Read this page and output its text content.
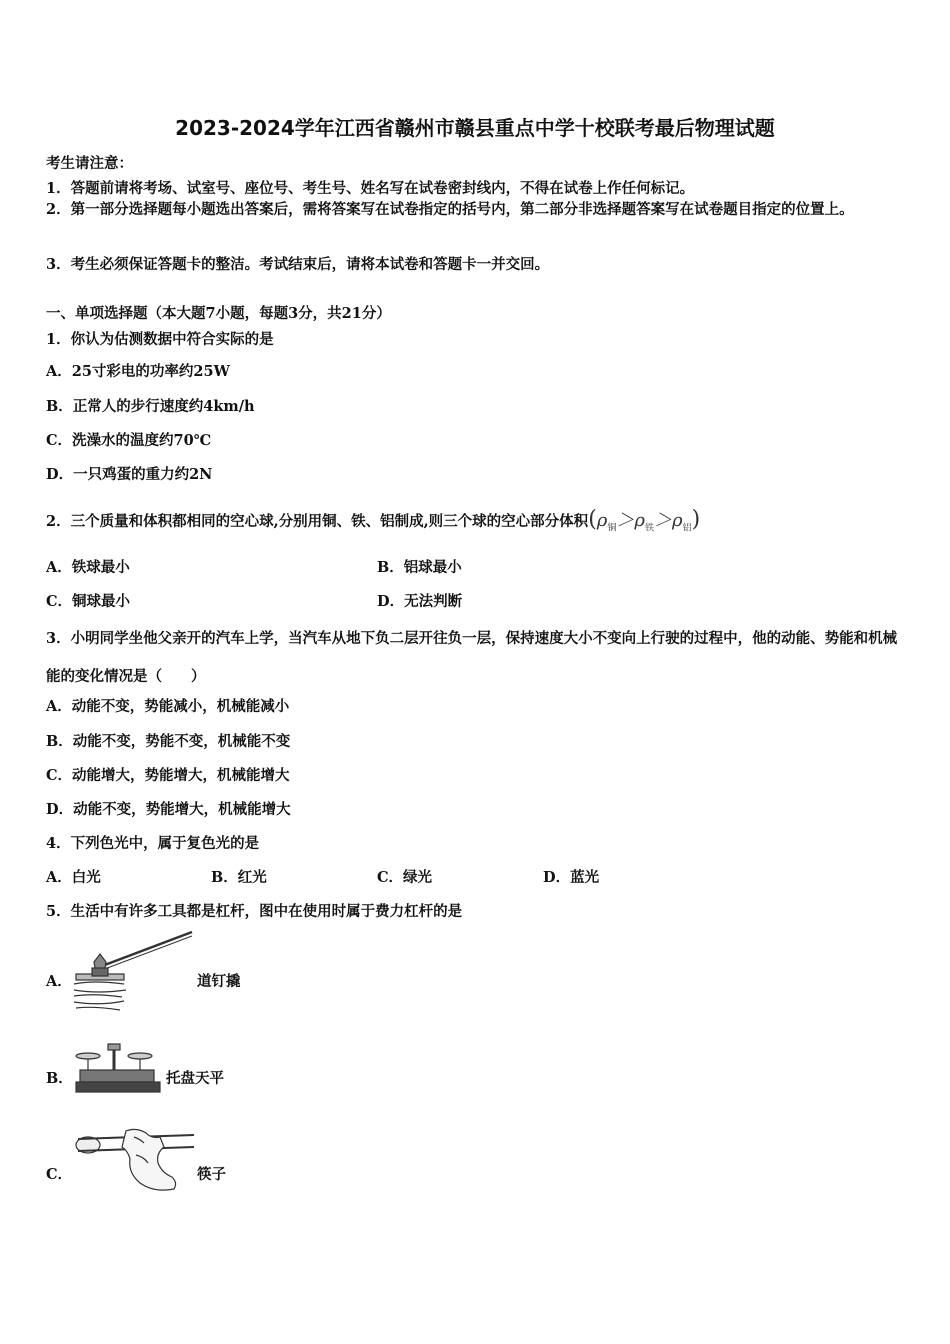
2023-2024学年江西省赣州市赣县重点中学十校联考最后物理试题
考生请注意：
1．答题前请将考场、试室号、座位号、考生号、姓名写在试卷密封线内，不得在试卷上作任何标记。
2．第一部分选择题每小题选出答案后，需将答案写在试卷指定的括号内，第二部分非选择题答案写在试卷题目指定的位置上。
3．考生必须保证答题卡的整洁。考试结束后，请将本试卷和答题卡一并交回。
一、单项选择题（本大题7小题，每题3分，共21分）
1．你认为估测数据中符合实际的是
A．25寸彩电的功率约25W
B．正常人的步行速度约4km/h
C．洗澡水的温度约70℃
D．一只鸡蛋的重力约2N
2．三个质量和体积都相同的空心球,分别用铜、铁、铝制成,则三个球的空心部分体积$(\rho_铜>\rho_铁>\rho_铝)$
A．铁球最小	B．铝球最小
C．铜球最小	D．无法判断
3．小明同学坐他父亲开的汽车上学，当汽车从地下负二层开往负一层，保持速度大小不变向上行驶的过程中，他的动能、势能和机械能的变化情况是（　　）
A．动能不变，势能减小，机械能减小
B．动能不变，势能不变，机械能不变
C．动能增大，势能增大，机械能增大
D．动能不变，势能增大，机械能增大
4．下列色光中，属于复色光的是
A．白光	B．红光	C．绿光	D．蓝光
5．生活中有许多工具都是杠杆，图中在使用时属于费力杠杆的是
A．	道钉撬
B．	托盘天平
C．	筷子
